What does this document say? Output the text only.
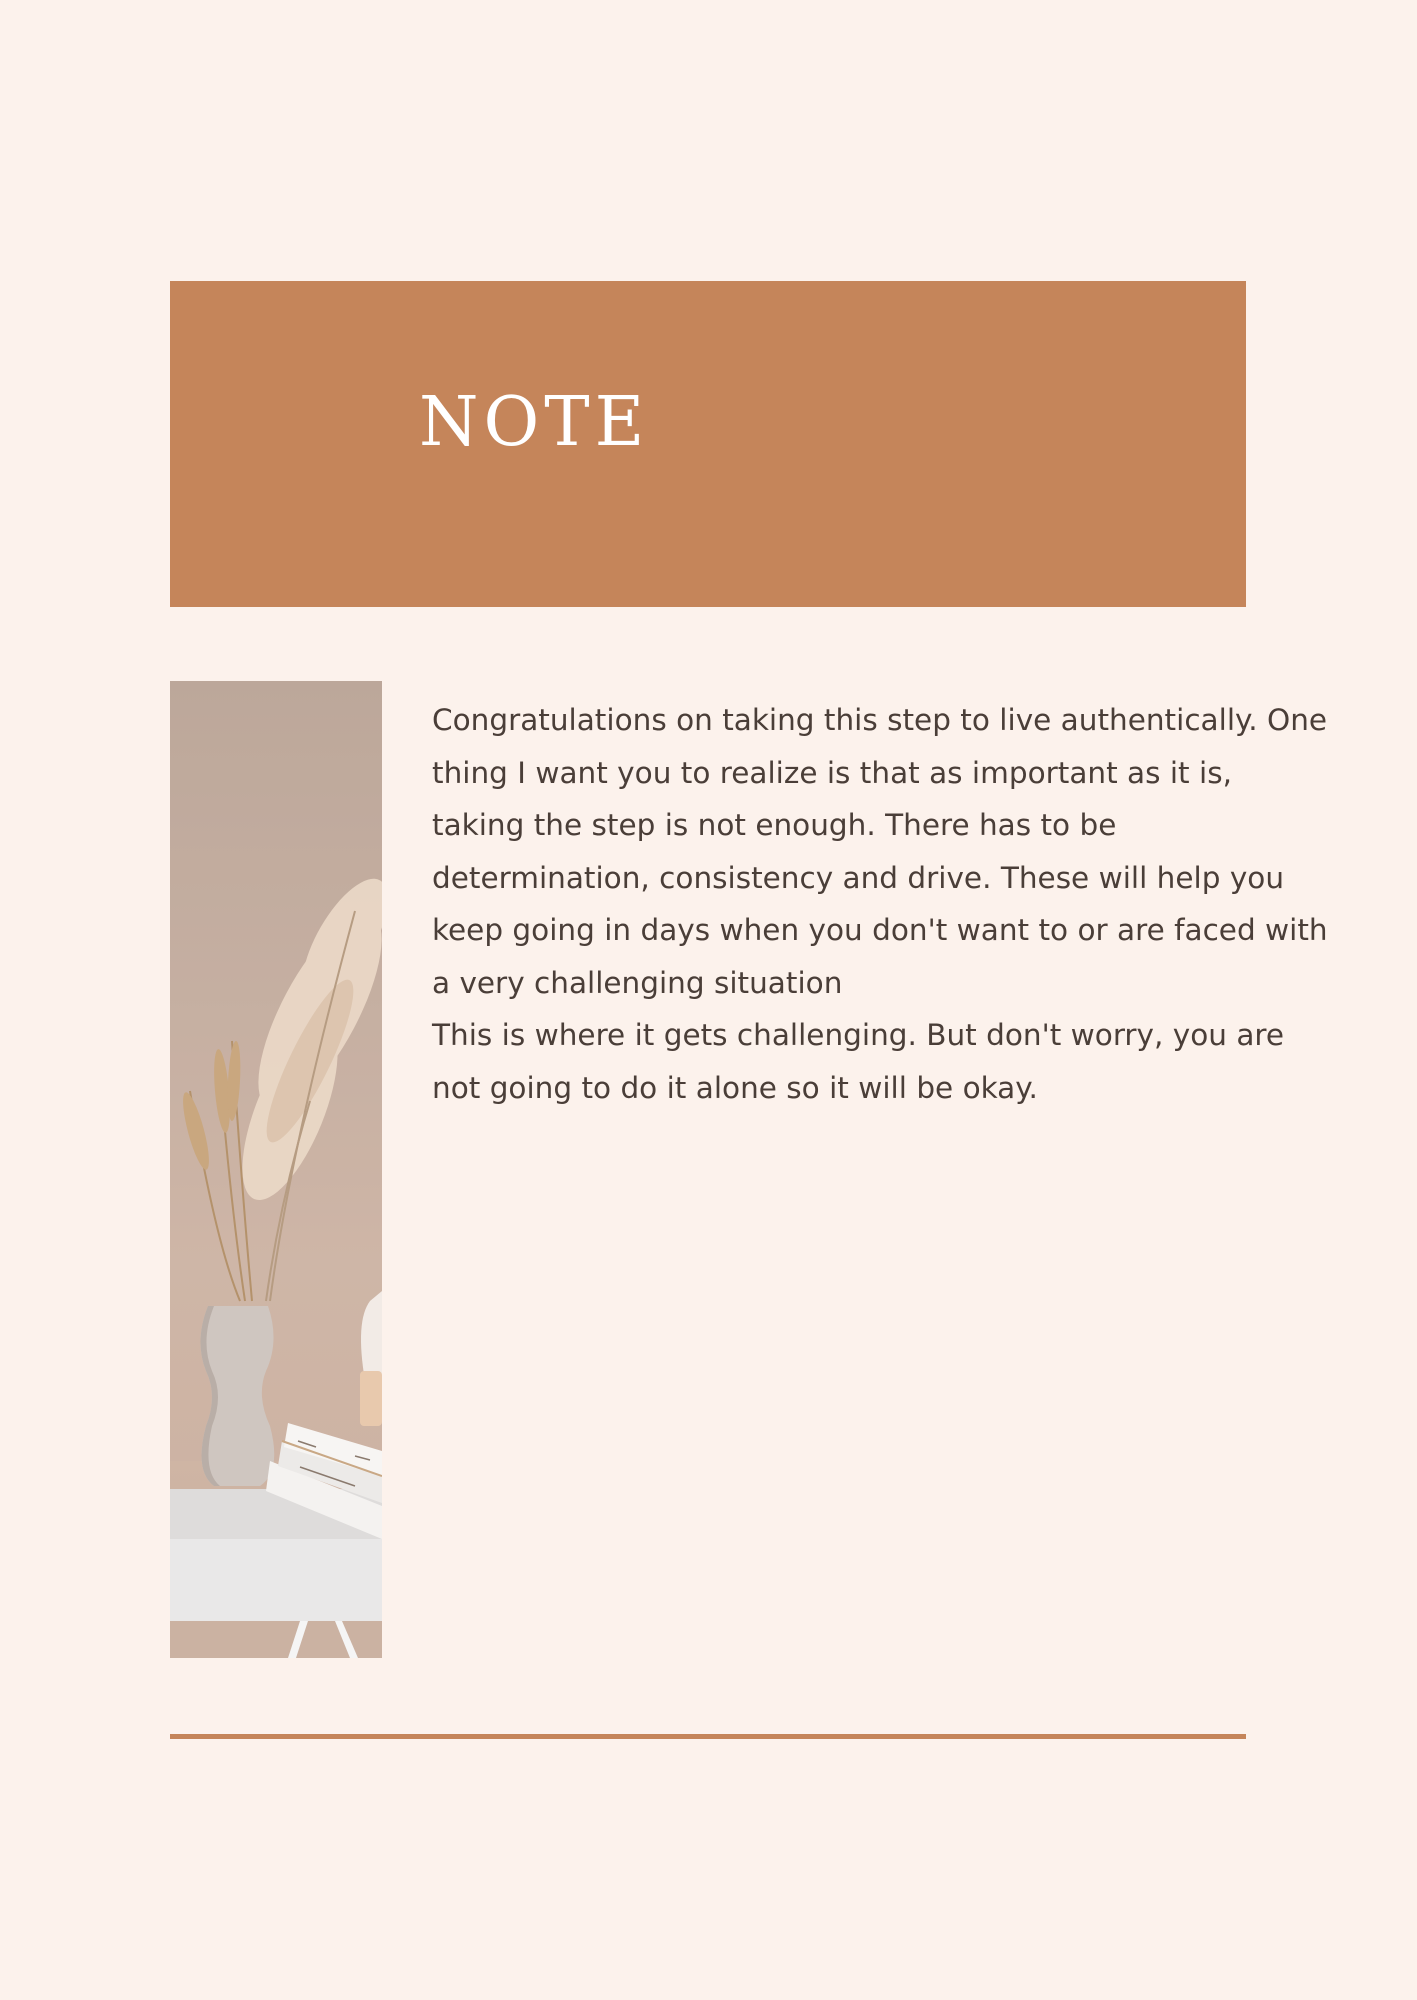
NOTE

Congratulations on taking this step to live authentically. One thing I want you to realize is that as important as it is, taking the step is not enough. There has to be determination, consistency and drive. These will help you keep going in days when you don't want to or are faced with a very challenging situation
This is where it gets challenging. But don't worry, you are not going to do it alone so it will be okay.
